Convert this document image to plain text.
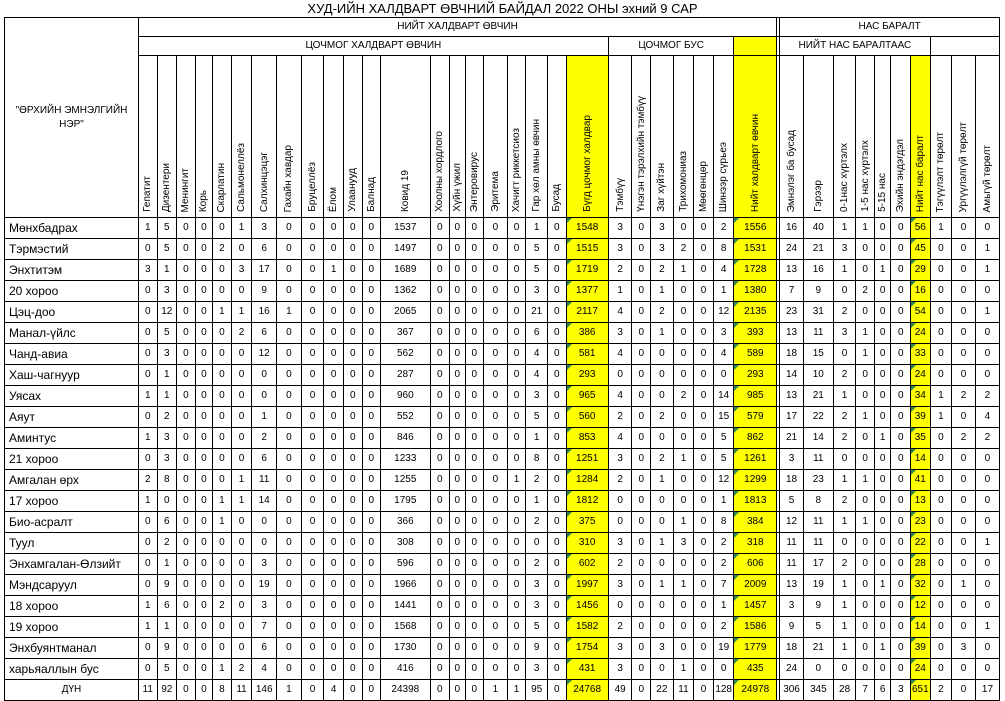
ХУД-ИЙН ХАЛДВАРТ ӨВЧНИЙ БАЙДАЛ 2022 ОНЫ эхний 9 САР
"ӨРХИЙН ЭМНЭЛГИЙН НЭР"	НИЙТ ХАЛДВАРТ ӨВЧИН																													НАС БАРАЛТ									
	ЦОЧМОГ ХАЛДВАРТ ӨВЧИН																					ЦОЧМОГ БУС								НИЙТ НАС БАРАЛТААС									
	Гепатит	Дизентери	Менингит	Корь	Скарлатин	Сальмонеллёз	Салхинцэцэг	Гахайн хавдар	Бруцеллёз	Ёлом	Улаанууд	Балнад	Ковид 19	Хоолны хордлого	Хүйн үжил	Энтеровирус	Эритема	Хачигт риккетсиоз	Гар хөл амны өвчин	Бусад	Бүгд цочмог халдвар	Тэмбүү	Үнэгэн тэрэлхийн тэмбүү	Заг хүйтэн	Трихомониаз	Мөөгөнцөр	Шинээр сүрьеэ	Нийт халдварт өвчин		Эмнэлэг ба бусад	Гэрээр	0-1нас хүртэлх	1-5 нас хүртэлх	5-15 нас	Эхийн эндэгдэл	Нийт нас баралт	Тэгүүлэлт төрөлт	Ургүүлэлгүй төрөлт	Амьгүй төрөлт
Мөнхбадрах	1	5	0	0	0	1	3	0	0	0	0	0	1537	0	0	0	0	0	1	0	1548	3	0	3	0	0	2	1556		16	40	1	1	0	0	56	1	0	0
Тэрмэстий	0	5	0	0	2	0	6	0	0	0	0	0	1497	0	0	0	0	0	5	0	1515	3	0	3	2	0	8	1531		24	21	3	0	0	0	45	0	0	1
Энхтитэм	3	1	0	0	0	3	17	0	0	1	0	0	1689	0	0	0	0	0	5	0	1719	2	0	2	1	0	4	1728		13	16	1	0	1	0	29	0	0	1
20 хороо	0	3	0	0	0	0	9	0	0	0	0	0	1362	0	0	0	0	0	3	0	1377	1	0	1	0	0	1	1380		7	9	0	2	0	0	16	0	0	0
Цэц-доо	0	12	0	0	1	1	16	1	0	0	0	0	2065	0	0	0	0	0	21	0	2117	4	0	2	0	0	12	2135		23	31	2	0	0	0	54	0	0	1
Манал-үйлс	0	5	0	0	0	2	6	0	0	0	0	0	367	0	0	0	0	0	6	0	386	3	0	1	0	0	3	393		13	11	3	1	0	0	24	0	0	0
Чанд-авиа	0	3	0	0	0	0	12	0	0	0	0	0	562	0	0	0	0	0	4	0	581	4	0	0	0	0	4	589		18	15	0	1	0	0	33	0	0	0
Хаш-чагнуур	0	1	0	0	0	0	0	0	0	0	0	0	287	0	0	0	0	0	4	0	293	0	0	0	0	0	0	293		14	10	2	0	0	0	24	0	0	0
Уясах	1	1	0	0	0	0	0	0	0	0	0	0	960	0	0	0	0	0	3	0	965	4	0	0	2	0	14	985		13	21	1	0	0	0	34	1	2	2
Аяут	0	2	0	0	0	0	1	0	0	0	0	0	552	0	0	0	0	0	5	0	560	2	0	2	0	0	15	579		17	22	2	1	0	0	39	1	0	4
Аминтус	1	3	0	0	0	0	2	0	0	0	0	0	846	0	0	0	0	0	1	0	853	4	0	0	0	0	5	862		21	14	2	0	1	0	35	0	2	2
21 хороо	0	3	0	0	0	0	6	0	0	0	0	0	1233	0	0	0	0	0	8	0	1251	3	0	2	1	0	5	1261		3	11	0	0	0	0	14	0	0	0
Амгалан өрх	2	8	0	0	0	1	11	0	0	0	0	0	1255	0	0	0	0	1	2	0	1284	2	0	1	0	0	12	1299		18	23	1	1	0	0	41	0	0	0
17 хороо	1	0	0	0	1	1	14	0	0	0	0	0	1795	0	0	0	0	0	1	0	1812	0	0	0	0	0	1	1813		5	8	2	0	0	0	13	0	0	0
Био-асралт	0	6	0	0	1	0	0	0	0	0	0	0	366	0	0	0	0	0	2	0	375	0	0	0	1	0	8	384		12	11	1	1	0	0	23	0	0	0
Туул	0	2	0	0	0	0	0	0	0	0	0	0	308	0	0	0	0	0	0	0	310	3	0	1	3	0	2	318		11	11	0	0	0	0	22	0	0	1
Энхамгалан-Өлзийт	0	1	0	0	0	0	3	0	0	0	0	0	596	0	0	0	0	0	2	0	602	2	0	0	0	0	2	606		11	17	2	0	0	0	28	0	0	0
Мэндсаруул	0	9	0	0	0	0	19	0	0	0	0	0	1966	0	0	0	0	0	3	0	1997	3	0	1	1	0	7	2009		13	19	1	0	1	0	32	0	1	0
18 хороо	1	6	0	0	2	0	3	0	0	0	0	0	1441	0	0	0	0	0	3	0	1456	0	0	0	0	0	1	1457		3	9	1	0	0	0	12	0	0	0
19 хороо	1	1	0	0	0	0	7	0	0	0	0	0	1568	0	0	0	0	0	5	0	1582	2	0	0	0	0	2	1586		9	5	1	0	0	0	14	0	0	1
Энхбуянтманал	0	9	0	0	0	0	6	0	0	0	0	0	1730	0	0	0	0	0	9	0	1754	3	0	3	0	0	19	1779		18	21	1	0	1	0	39	0	3	0
харьяаллын бус	0	5	0	0	1	2	4	0	0	0	0	0	416	0	0	0	0	0	3	0	431	3	0	0	1	0	0	435		24	0	0	0	0	0	24	0	0	0
ДҮН	11	92	0	0	8	11	146	1	0	4	0	0	24398	0	0	0	1	1	95	0	24768	49	0	22	11	0	128	24978		306	345	28	7	6	3	651	2	0	17
